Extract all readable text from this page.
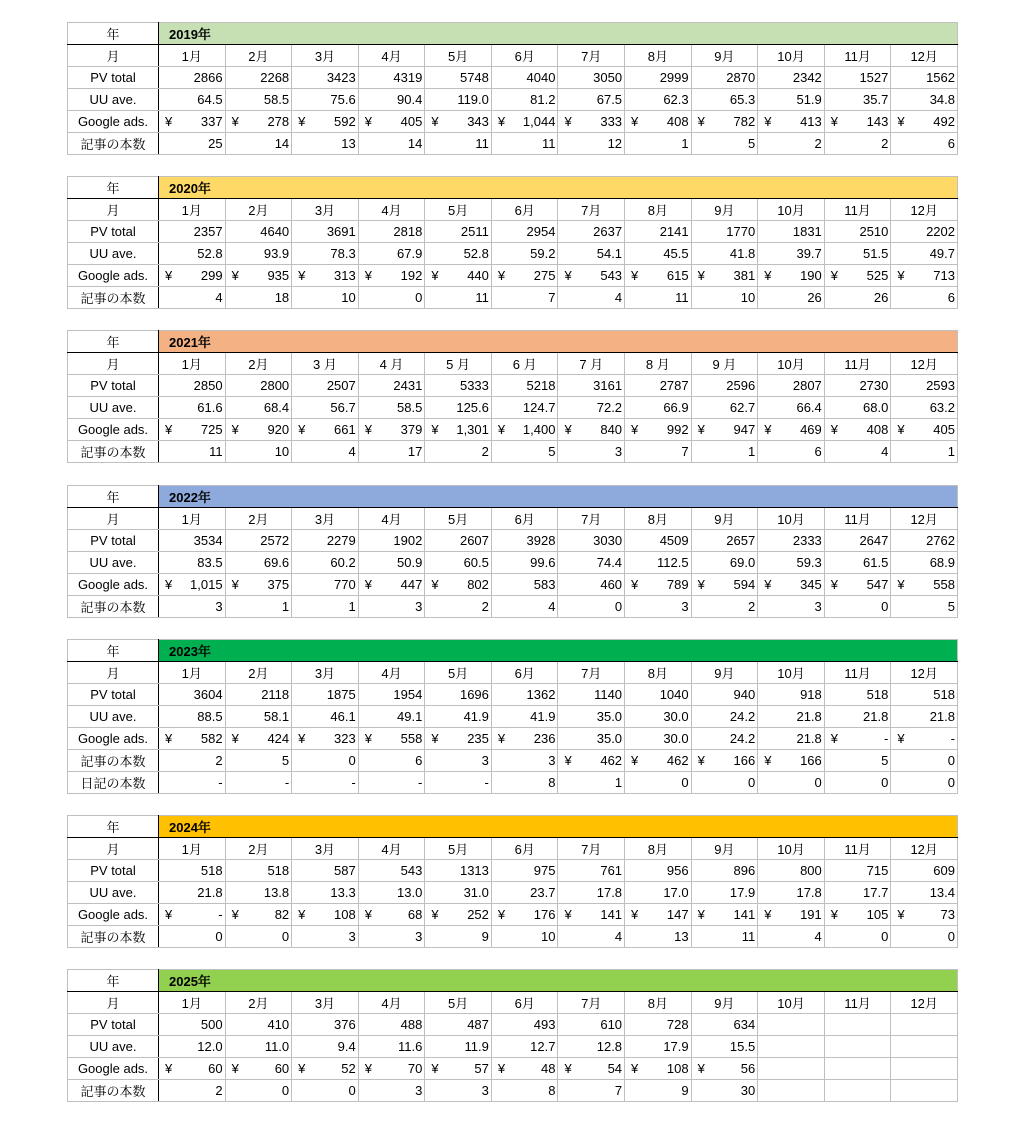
年	2019年											
月	1月	2月	3月	4月	5月	6月	7月	8月	9月	10月	11月	12月
PV total	2866	2268	3423	4319	5748	4040	3050	2999	2870	2342	1527	1562
UU ave.	64.5	58.5	75.6	90.4	119.0	81.2	67.5	62.3	65.3	51.9	35.7	34.8
Google ads.	¥ 337	¥ 278	¥ 592	¥ 405	¥ 343	¥ 1,044	¥ 333	¥ 408	¥ 782	¥ 413	¥ 143	¥ 492

記事の本数	25	14	13	14	11	11	12	1	5	2	2	6
年	2020年											
月	1月	2月	3月	4月	5月	6月	7月	8月	9月	10月	11月	12月
PV total	2357	4640	3691	2818	2511	2954	2637	2141	1770	1831	2510	2202
UU ave.	52.8	93.9	78.3	67.9	52.8	59.2	54.1	45.5	41.8	39.7	51.5	49.7
Google ads.	¥ 299	¥ 935	¥ 313	¥ 192	¥ 440	¥ 275	¥ 543	¥ 615	¥ 381	¥ 190	¥ 525	¥ 713

記事の本数	4	18	10	0	11	7	4	11	10	26	26	6
年	2021年											
月	1月	2月	3 月	4 月	5 月	6 月	7 月	8 月	9 月	10月	11月	12月
PV total	2850	2800	2507	2431	5333	5218	3161	2787	2596	2807	2730	2593
UU ave.	61.6	68.4	56.7	58.5	125.6	124.7	72.2	66.9	62.7	66.4	68.0	63.2
Google ads.	¥ 725	¥ 920	¥ 661	¥ 379	¥ 1,301	¥ 1,400	¥ 840	¥ 992	¥ 947	¥ 469	¥ 408	¥ 405

記事の本数	11	10	4	17	2	5	3	7	1	6	4	1
年	2022年											
月	1月	2月	3月	4月	5月	6月	7月	8月	9月	10月	11月	12月
PV total	3534	2572	2279	1902	2607	3928	3030	4509	2657	2333	2647	2762
UU ave.	83.5	69.6	60.2	50.9	60.5	99.6	74.4	112.5	69.0	59.3	61.5	68.9
Google ads.	¥ 1,015	¥ 375	770	¥ 447	¥ 802	583	460	¥ 789	¥ 594	¥ 345	¥ 547	¥ 558

記事の本数	3	1	1	3	2	4	0	3	2	3	0	5
年	2023年											
月	1月	2月	3月	4月	5月	6月	7月	8月	9月	10月	11月	12月
PV total	3604	2118	1875	1954	1696	1362	1140	1040	940	918	518	518
UU ave.	88.5	58.1	46.1	49.1	41.9	41.9	35.0	30.0	24.2	21.8	21.8	21.8
Google ads.	¥ 582	¥ 424	¥ 323	¥ 558	¥ 235	¥ 236	35.0	30.0	24.2	21.8	¥ -	¥ -

記事の本数	2	5	0	6	3	3	¥ 462	¥ 462	¥ 166	¥ 166	5	0
日記の本数	-	-	-	-	-	8	1	0	0	0	0	0
年	2024年											
月	1月	2月	3月	4月	5月	6月	7月	8月	9月	10月	11月	12月
PV total	518	518	587	543	1313	975	761	956	896	800	715	609
UU ave.	21.8	13.8	13.3	13.0	31.0	23.7	17.8	17.0	17.9	17.8	17.7	13.4
Google ads.	¥ -	¥ 82	¥ 108	¥ 68	¥ 252	¥ 176	¥ 141	¥ 147	¥ 141	¥ 191	¥ 105	¥ 73

記事の本数	0	0	3	3	9	10	4	13	11	4	0	0
年	2025年											
月	1月	2月	3月	4月	5月	6月	7月	8月	9月	10月	11月	12月
PV total	500	410	376	488	487	493	610	728	634			
UU ave.	12.0	11.0	9.4	11.6	11.9	12.7	12.8	17.9	15.5			
Google ads.	¥ 60	¥ 60	¥ 52	¥ 70	¥ 57	¥ 48	¥ 54	¥ 108	¥ 56			

記事の本数	2	0	0	3	3	8	7	9	30			
